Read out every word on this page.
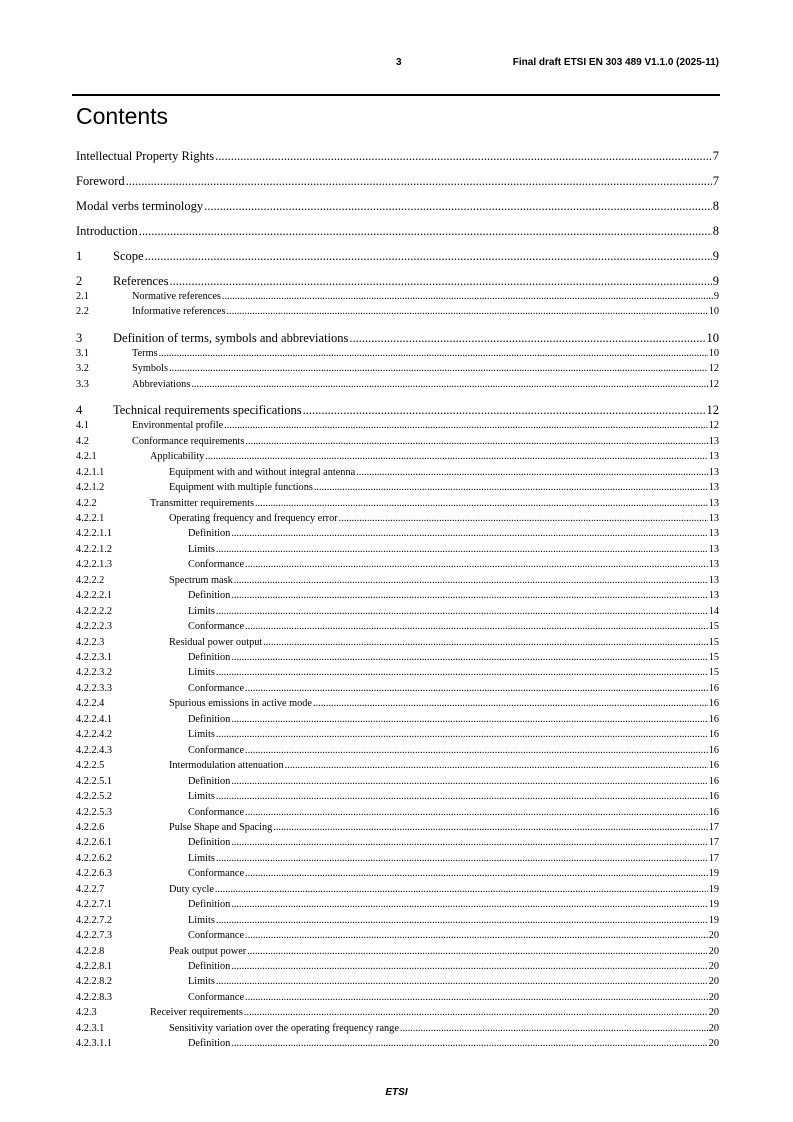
3	Final draft ETSI EN 303 489 V1.1.0 (2025-11)
Contents
Intellectual Property Rights .....	7
Foreword .....	7
Modal verbs terminology .....	8
Introduction .....	8
1 Scope .....	9
2 References .....	9
2.1	Normative references .....	9
2.2	Informative references .....	10
3 Definition of terms, symbols and abbreviations .....	10
3.1	Terms .....	10
3.2	Symbols .....	12
3.3	Abbreviations .....	12
4 Technical requirements specifications .....	12
4.1	Environmental profile .....	12
4.2	Conformance requirements .....	13
4.2.1	Applicability .....	13
4.2.1.1	Equipment with and without integral antenna .....	13
4.2.1.2	Equipment with multiple functions .....	13
4.2.2	Transmitter requirements .....	13
4.2.2.1	Operating frequency and frequency error .....	13
4.2.2.1.1	Definition .....	13
4.2.2.1.2	Limits .....	13
4.2.2.1.3	Conformance .....	13
4.2.2.2	Spectrum mask .....	13
4.2.2.2.1	Definition .....	13
4.2.2.2.2	Limits .....	14
4.2.2.2.3	Conformance .....	15
4.2.2.3	Residual power output .....	15
4.2.2.3.1	Definition .....	15
4.2.2.3.2	Limits .....	15
4.2.2.3.3	Conformance .....	16
4.2.2.4	Spurious emissions in active mode .....	16
4.2.2.4.1	Definition .....	16
4.2.2.4.2	Limits .....	16
4.2.2.4.3	Conformance .....	16
4.2.2.5	Intermodulation attenuation .....	16
4.2.2.5.1	Definition .....	16
4.2.2.5.2	Limits .....	16
4.2.2.5.3	Conformance .....	16
4.2.2.6	Pulse Shape and Spacing .....	17
4.2.2.6.1	Definition .....	17
4.2.2.6.2	Limits .....	17
4.2.2.6.3	Conformance .....	19
4.2.2.7	Duty cycle .....	19
4.2.2.7.1	Definition .....	19
4.2.2.7.2	Limits .....	19
4.2.2.7.3	Conformance .....	20
4.2.2.8	Peak output power .....	20
4.2.2.8.1	Definition .....	20
4.2.2.8.2	Limits .....	20
4.2.2.8.3	Conformance .....	20
4.2.3	Receiver requirements .....	20
4.2.3.1	Sensitivity variation over the operating frequency range .....	20
4.2.3.1.1	Definition .....	20
ETSI
